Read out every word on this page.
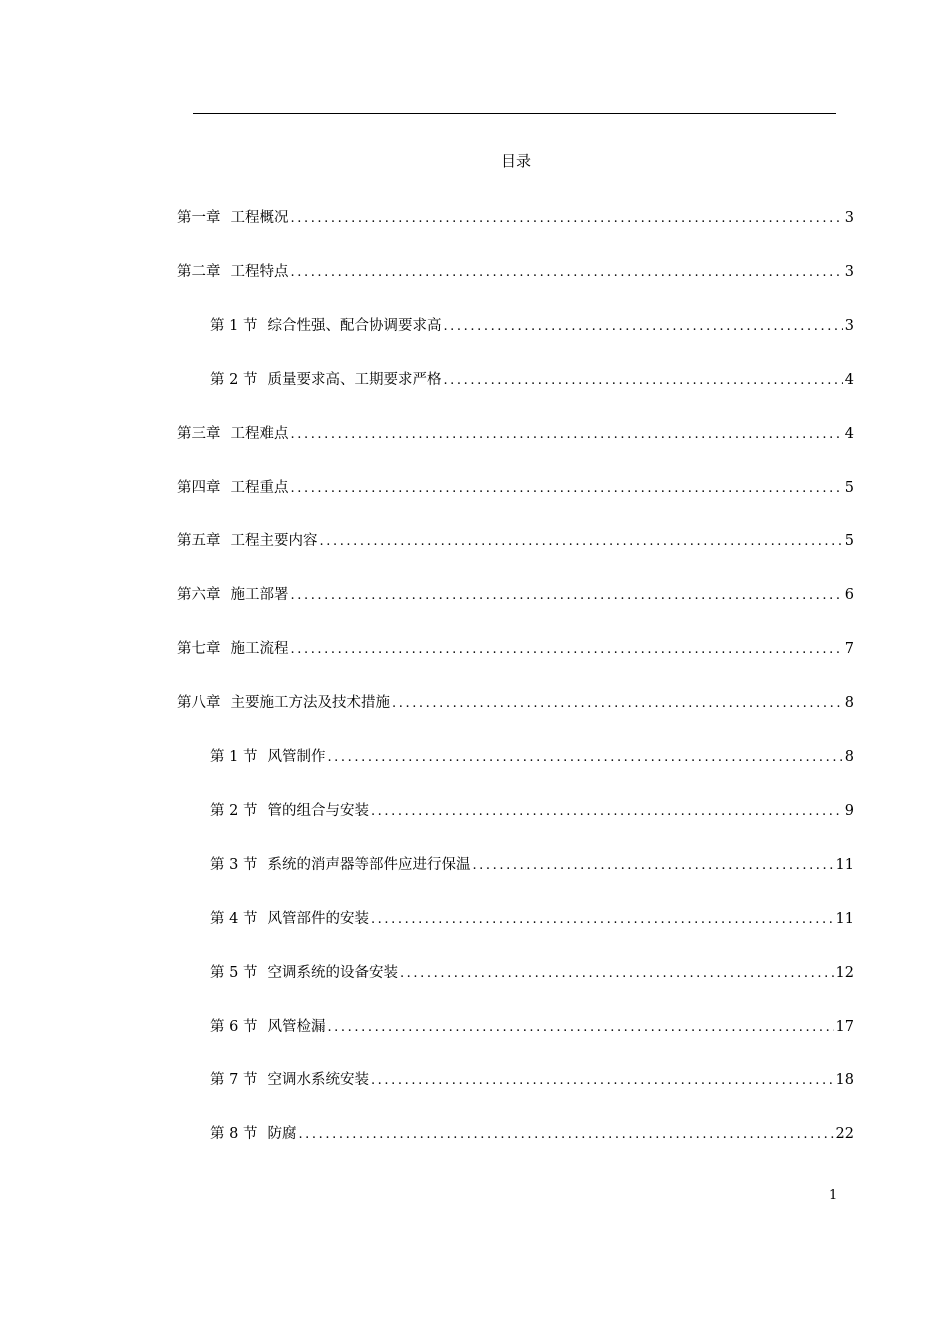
目录
第一章 工程概况 .....	3
第二章 工程特点 .....	3
第 1 节 综合性强、配合协调要求高 .....	3
第 2 节 质量要求高、工期要求严格 .....	4
第三章 工程难点 .....	4
第四章 工程重点 .....	5
第五章 工程主要内容 .....	5
第六章 施工部署 .....	6
第七章 施工流程 .....	7
第八章 主要施工方法及技术措施 .....	8
第 1 节 风管制作 .....	8
第 2 节 管的组合与安装 .....	9
第 3 节 系统的消声器等部件应进行保温 .....	11
第 4 节 风管部件的安装 .....	11
第 5 节 空调系统的设备安装 .....	12
第 6 节 风管检漏 .....	17
第 7 节 空调水系统安装 .....	18
第 8 节 防腐 .....	22
1
